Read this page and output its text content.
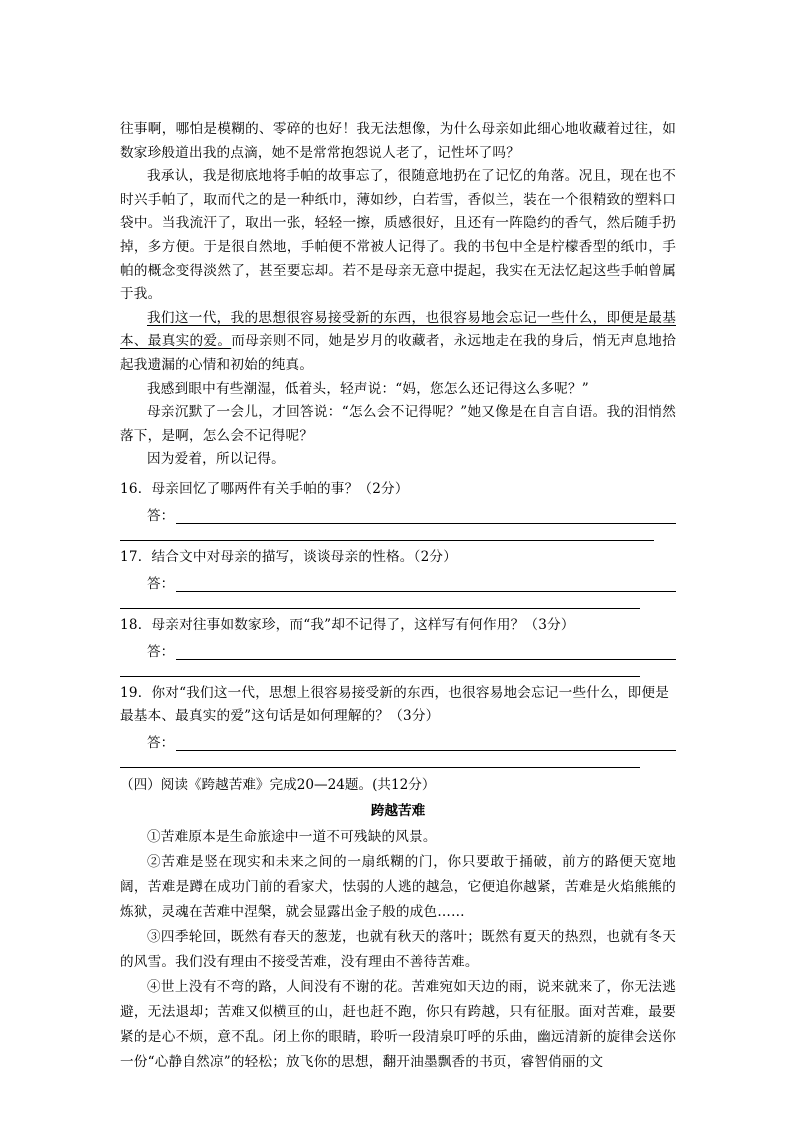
往事啊，哪怕是模糊的、零碎的也好！我无法想像，为什么母亲如此细心地收藏着过往，如数家珍般道出我的点滴，她不是常常抱怨说人老了，记性坏了吗？

我承认，我是彻底地将手帕的故事忘了，很随意地扔在了记忆的角落。况且，现在也不时兴手帕了，取而代之的是一种纸巾，薄如纱，白若雪，香似兰，装在一个很精致的塑料口袋中。当我流汗了，取出一张，轻轻一擦，质感很好，且还有一阵隐约的香气，然后随手扔掉，多方便。于是很自然地，手帕便不常被人记得了。我的书包中全是柠檬香型的纸巾，手帕的概念变得淡然了，甚至要忘却。若不是母亲无意中提起，我实在无法忆起这些手帕曾属于我。

我们这一代，我的思想很容易接受新的东西，也很容易地会忘记一些什么，即便是最基本、最真实的爱。而母亲则不同，她是岁月的收藏者，永远地走在我的身后，悄无声息地拾起我遗漏的心情和初始的纯真。

我感到眼中有些潮湿，低着头，轻声说：“妈，您怎么还记得这么多呢？”

母亲沉默了一会儿，才回答说：“怎么会不记得呢？”她又像是在自言自语。我的泪悄然落下，是啊，怎么会不记得呢？

因为爱着，所以记得。

16．母亲回忆了哪两件有关手帕的事？（2分）

答：

17．结合文中对母亲的描写，谈谈母亲的性格。（2分）

答：

18．母亲对往事如数家珍，而“我”却不记得了，这样写有何作用？（3分）

答：

19．你对“我们这一代，思想上很容易接受新的东西，也很容易地会忘记一些什么，即便是最基本、最真实的爱”这句话是如何理解的？（3分）

答：

（四）阅读《跨越苦难》完成20—24题。(共12分）

跨越苦难

①苦难原本是生命旅途中一道不可残缺的风景。

②苦难是竖在现实和未来之间的一扇纸糊的门，你只要敢于捅破，前方的路便天宽地阔，苦难是蹲在成功门前的看家犬，怯弱的人逃的越急，它便追你越紧，苦难是火焰熊熊的炼狱，灵魂在苦难中涅槃，就会显露出金子般的成色……

③四季轮回，既然有春天的葱茏，也就有秋天的落叶；既然有夏天的热烈，也就有冬天的风雪。我们没有理由不接受苦难，没有理由不善待苦难。

④世上没有不弯的路，人间没有不谢的花。苦难宛如天边的雨，说来就来了，你无法逃避，无法退却；苦难又似横亘的山，赶也赶不跑，你只有跨越，只有征服。面对苦难，最要紧的是心不烦，意不乱。闭上你的眼睛，聆听一段清泉叮呼的乐曲，幽远清新的旋律会送你一份“心静自然凉”的轻松；放飞你的思想，翻开油墨飘香的书页，睿智俏丽的文
